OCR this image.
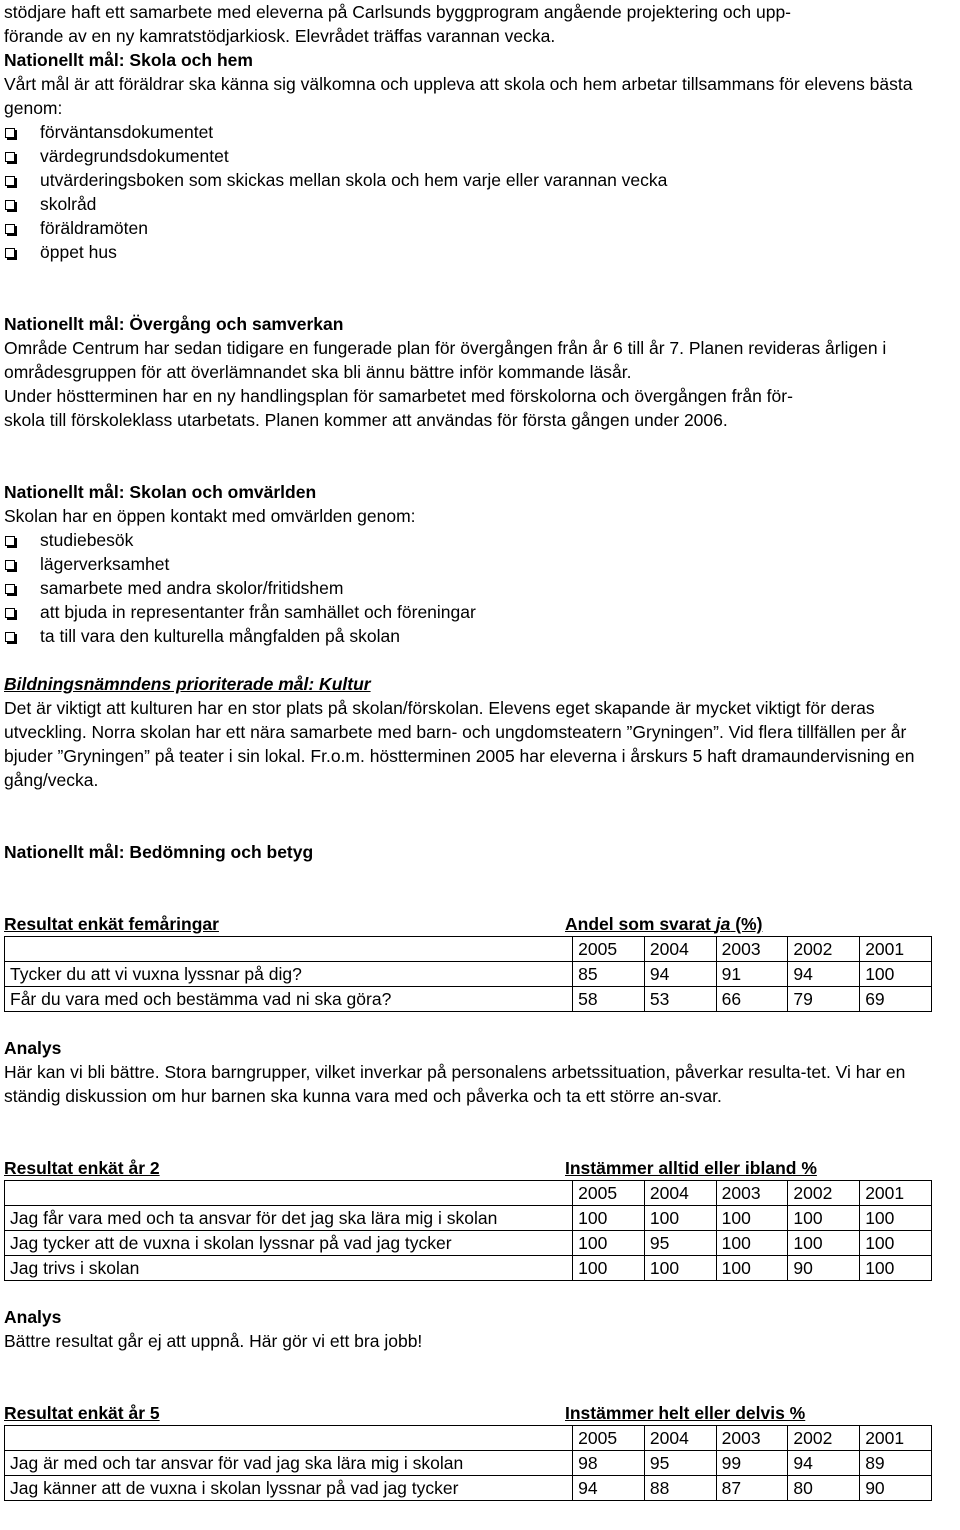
stödjare haft ett samarbete med eleverna på Carlsunds byggprogram angående projektering och upp-

förande av en ny kamratstödjarkiosk. Elevrådet träffas varannan vecka.

Nationellt mål: Skola och hem

Vårt mål är att föräldrar ska känna sig välkomna och uppleva att skola och hem arbetar tillsammans för elevens bästa genom:

förväntansdokumentet
värdegrundsdokumentet
utvärderingsboken som skickas mellan skola och hem varje eller varannan vecka
skolråd
föräldramöten
öppet hus

Nationellt mål: Övergång och samverkan

Område Centrum har sedan tidigare en fungerade plan för övergången från år 6 till år 7. Planen revideras årligen i områdesgruppen för att överlämnandet ska bli ännu bättre inför kommande läsår.

Under höstterminen har en ny handlingsplan för samarbetet med förskolorna och övergången från för-

skola till förskoleklass utarbetats. Planen kommer att användas för första gången under 2006.

Nationellt mål: Skolan och omvärlden

Skolan har en öppen kontakt med omvärlden genom:

studiebesök
lägerverksamhet
samarbete med andra skolor/fritidshem
att bjuda in representanter från samhället och föreningar
ta till vara den kulturella mångfalden på skolan

Bildningsnämndens prioriterade mål: Kultur

Det är viktigt att kulturen har en stor plats på skolan/förskolan. Elevens eget skapande är mycket viktigt för deras utveckling. Norra skolan har ett nära samarbete med barn- och ungdomsteatern ”Gryningen”. Vid flera tillfällen per år bjuder ”Gryningen” på teater i sin lokal. Fr.o.m. höstterminen 2005 har eleverna i årskurs 5 haft dramaundervisning en gång/vecka.

Nationellt mål: Bedömning och betyg

Resultat enkät femåringar	Andel som svarat ja (%)
	2005	2004	2003	2002	2001
Tycker du att vi vuxna lyssnar på dig?	85	94	91	94	100
Får du vara med och bestämma vad ni ska göra?	58	53	66	79	69

Analys

Här kan vi bli bättre. Stora barngrupper, vilket inverkar på personalens arbetssituation, påverkar resulta-tet. Vi har en ständig diskussion om hur barnen ska kunna vara med och påverka och ta ett större an-svar.

Resultat enkät år 2	Instämmer alltid eller ibland %
	2005	2004	2003	2002	2001
Jag får vara med och ta ansvar för det jag ska lära mig i skolan	100	100	100	100	100
Jag tycker att de vuxna i skolan lyssnar på vad jag tycker	100	95	100	100	100
Jag trivs i skolan	100	100	100	90	100

Analys

Bättre resultat går ej att uppnå. Här gör vi ett bra jobb!

Resultat enkät år 5	Instämmer helt eller delvis %
	2005	2004	2003	2002	2001
Jag är med och tar ansvar för vad jag ska lära mig i skolan	98	95	99	94	89
Jag känner att de vuxna i skolan lyssnar på vad jag tycker	94	88	87	80	90
